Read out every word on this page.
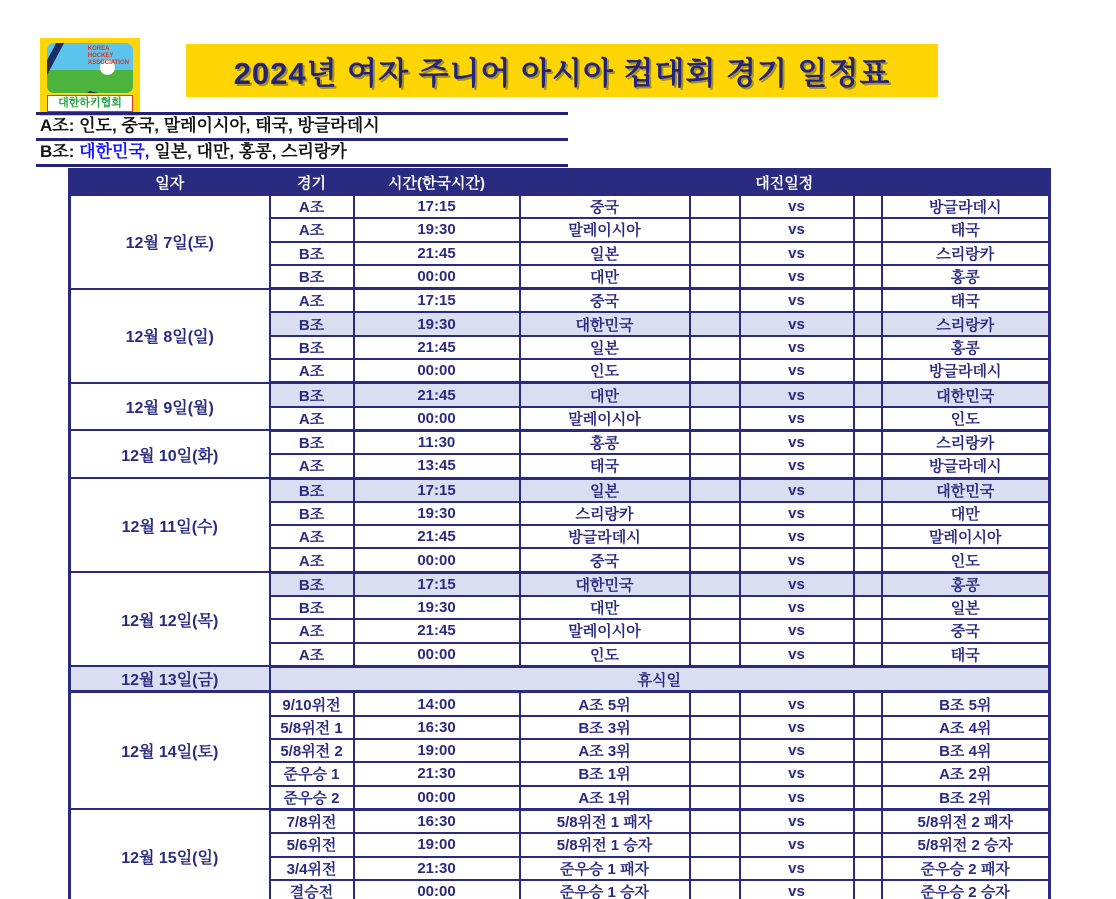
KOREA
HOCKEY
ASSOCIATION
대한하키협회
2024년 여자 주니어 아시아 컵대회 경기 일정표
A조: 인도, 중국, 말레이시아, 태국, 방글라데시
B조: 대한민국, 일본, 대만, 홍콩, 스리랑카
일자	경기	시간(한국시간)	대진일정				
12월 7일(토)	A조	17:15	중국		vs		방글라데시
	A조	19:30	말레이시아		vs		태국
	B조	21:45	일본		vs		스리랑카
	B조	00:00	대만		vs		홍콩
12월 8일(일)	A조	17:15	중국		vs		태국
	B조	19:30	대한민국		vs		스리랑카
	B조	21:45	일본		vs		홍콩
	A조	00:00	인도		vs		방글라데시
12월 9일(월)	B조	21:45	대만		vs		대한민국
	A조	00:00	말레이시아		vs		인도
12월 10일(화)	B조	11:30	홍콩		vs		스리랑카
	A조	13:45	태국		vs		방글라데시
12월 11일(수)	B조	17:15	일본		vs		대한민국
	B조	19:30	스리랑카		vs		대만
	A조	21:45	방글라데시		vs		말레이시아
	A조	00:00	중국		vs		인도
12월 12일(목)	B조	17:15	대한민국		vs		홍콩
	B조	19:30	대만		vs		일본
	A조	21:45	말레이시아		vs		중국
	A조	00:00	인도		vs		태국
12월 13일(금)	휴식일						
12월 14일(토)	9/10위전	14:00	A조 5위		vs		B조 5위
	5/8위전 1	16:30	B조 3위		vs		A조 4위
	5/8위전 2	19:00	A조 3위		vs		B조 4위
	준우승 1	21:30	B조 1위		vs		A조 2위
	준우승 2	00:00	A조 1위		vs		B조 2위
12월 15일(일)	7/8위전	16:30	5/8위전 1 패자		vs		5/8위전 2 패자
	5/6위전	19:00	5/8위전 1 승자		vs		5/8위전 2 승자
	3/4위전	21:30	준우승 1 패자		vs		준우승 2 패자
	결승전	00:00	준우승 1 승자		vs		준우승 2 승자
